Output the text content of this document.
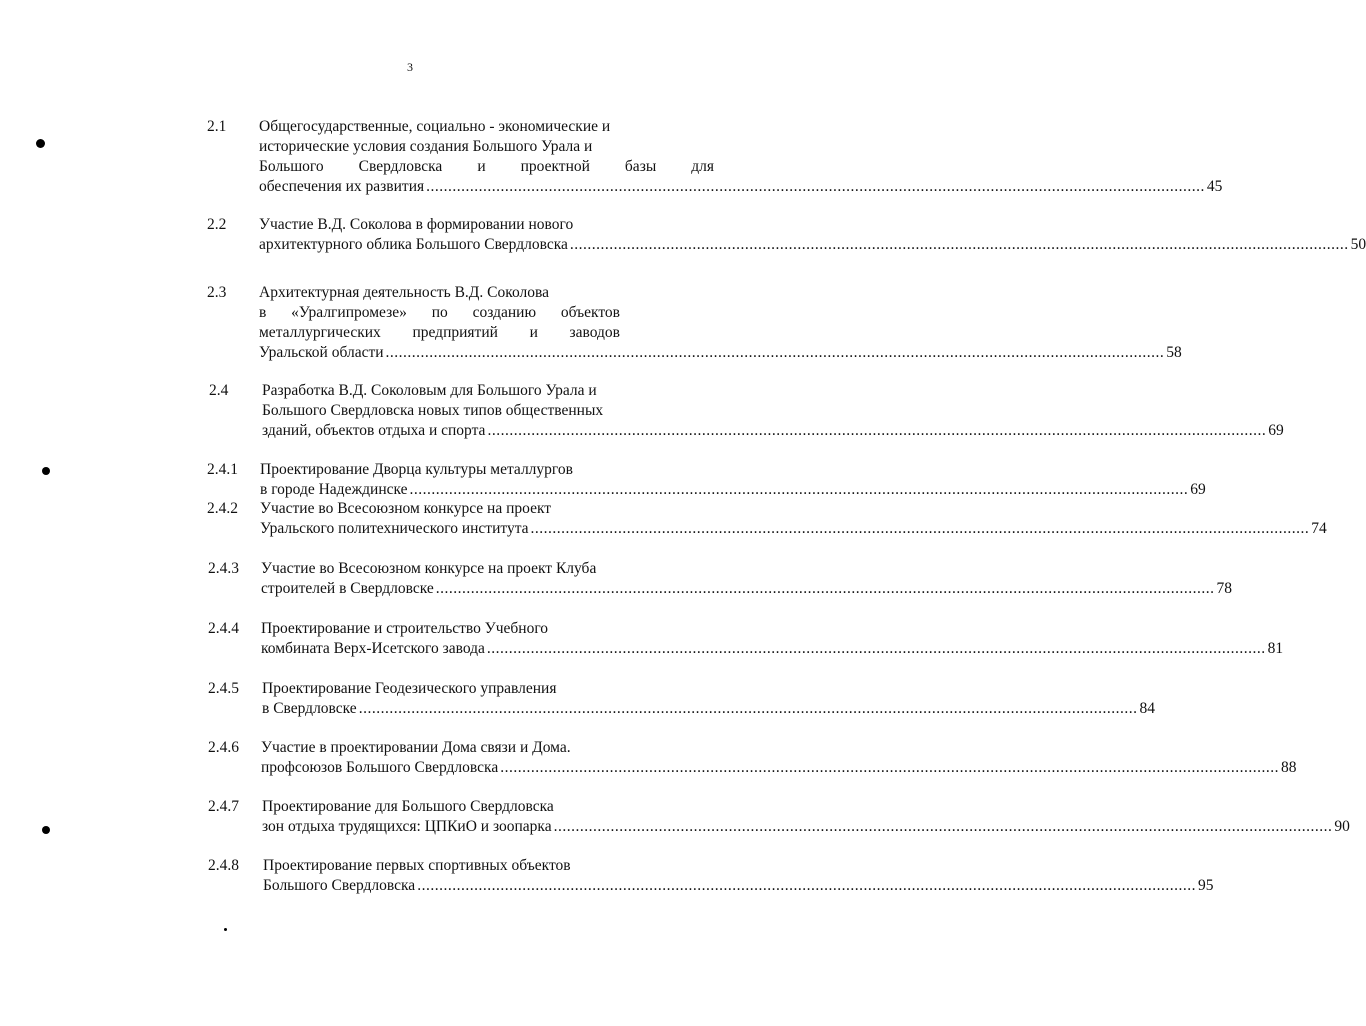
3
2.1 Общегосударственные, социально - экономические и
исторические условия создания Большого Урала и
Большого Свердловска и проектной базы для
обеспечения их развития .................................................................................................................................................................................. 45
2.2 Участие В.Д. Соколова в формировании нового
архитектурного облика Большого Свердловска .................................................................................................................................................................................. 50
2.3 Архитектурная деятельность В.Д. Соколова
в «Уралгипромезе» по созданию объектов
металлургических предприятий и заводов
Уральской области .................................................................................................................................................................................. 58
2.4 Разработка В.Д. Соколовым для Большого Урала и
Большого Свердловска новых типов общественных
зданий, объектов отдыха и спорта .................................................................................................................................................................................. 69
2.4.1 Проектирование Дворца культуры металлургов
в городе Надеждинске .................................................................................................................................................................................. 69
2.4.2 Участие во Всесоюзном конкурсе на проект
Уральского политехнического института .................................................................................................................................................................................. 74
2.4.3 Участие во Всесоюзном конкурсе на проект Клуба
строителей в Свердловске .................................................................................................................................................................................. 78
2.4.4 Проектирование и строительство Учебного
комбината Верх-Исетского завода .................................................................................................................................................................................. 81
2.4.5 Проектирование Геодезического управления
в Свердловске .................................................................................................................................................................................. 84
2.4.6 Участие в проектировании Дома связи и Дома.
профсоюзов Большого Свердловска .................................................................................................................................................................................. 88
2.4.7 Проектирование для Большого Свердловска
зон отдыха трудящихся: ЦПКиО и зоопарка .................................................................................................................................................................................. 90
2.4.8 Проектирование первых спортивных объектов
Большого Свердловска .................................................................................................................................................................................. 95
